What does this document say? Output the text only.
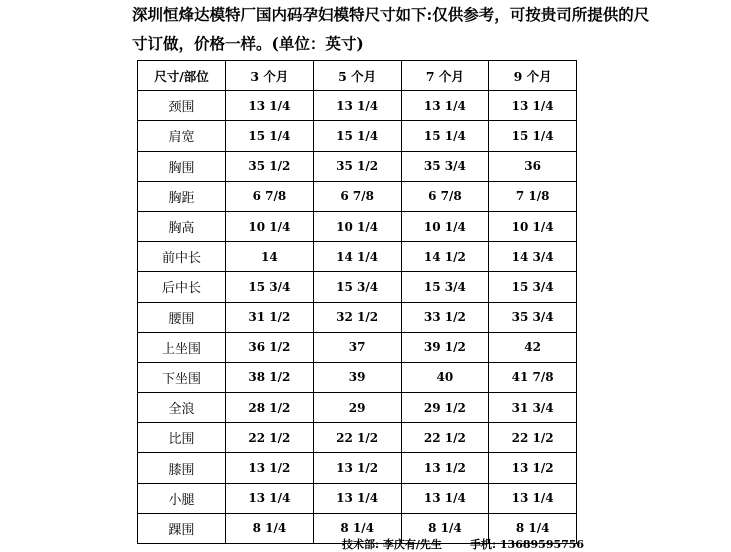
深圳恒烽达模特厂国内码孕妇模特尺寸如下:仅供参考，可按贵司所提供的尺
寸订做，价格一样。(单位：英寸)
尺寸/部位	3 个月	5 个月	7 个月	9 个月
颈围	13 1/4	13 1/4	13 1/4	13 1/4
肩宽	15 1/4	15 1/4	15 1/4	15 1/4
胸围	35 1/2	35 1/2	35 3/4	36
胸距	6 7/8	6 7/8	6 7/8	7 1/8
胸高	10 1/4	10 1/4	10 1/4	10 1/4
前中长	14	14 1/4	14 1/2	14 3/4
后中长	15 3/4	15 3/4	15 3/4	15 3/4
腰围	31 1/2	32 1/2	33 1/2	35 3/4
上坐围	36 1/2	37	39 1/2	42
下坐围	38 1/2	39	40	41 7/8
全浪	28 1/2	29	29 1/2	31 3/4
比围	22 1/2	22 1/2	22 1/2	22 1/2
膝围	13 1/2	13 1/2	13 1/2	13 1/2
小腿	13 1/4	13 1/4	13 1/4	13 1/4
踝围	8 1/4	8 1/4	8 1/4	8 1/4
技术部: 李庆有/先生	手机: 13689595756
